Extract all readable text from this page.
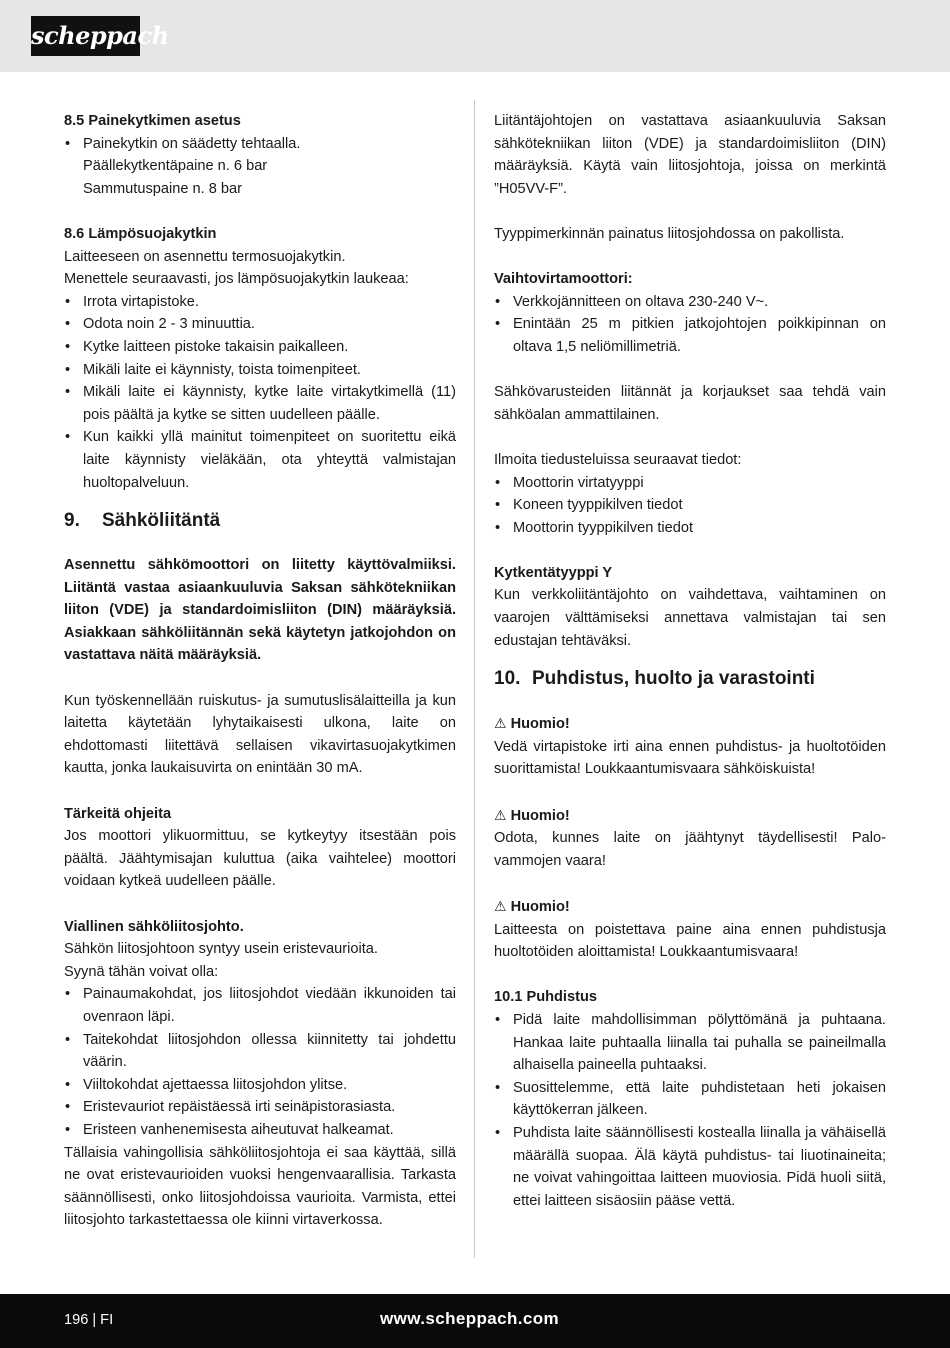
scheppach

8.5 Painekytkimen asetus

• Painekytkin on säädetty tehtaalla.
Päällekytkentäpaine n. 6 bar
Sammutuspaine n. 8 bar

8.6 Lämpösuojakytkin

Laitteeseen on asennettu termosuojakytkin.

Menettele seuraavasti, jos lämpösuojakytkin laukeaa:

• Irrota virtapistoke.
• Odota noin 2 - 3 minuuttia.
• Kytke laitteen pistoke takaisin paikalleen.
• Mikäli laite ei käynnisty, toista toimenpiteet.
• Mikäli laite ei käynnisty, kytke laite virtakytkimellä (11) pois päältä ja kytke se sitten uudelleen päälle.
• Kun kaikki yllä mainitut toimenpiteet on suoritettu eikä laite käynnisty vieläkään, ota yhteyttä valmistajan huoltopalveluun.
9. Sähköliitäntä

Asennettu sähkömoottori on liitetty käyttövalmiiksi. Liitäntä vastaa asiaankuuluvia Saksan sähkötekniikan liiton (VDE) ja standardoimisliiton (DIN) määräyksiä. Asiakkaan sähköliitännän sekä käytetyn jatkojohdon on vastattava näitä määräyksiä.

Kun työskennellään ruiskutus- ja sumutuslisälaitteilla ja kun laitetta käytetään lyhytaikaisesti ulkona, laite on ehdottomasti liitettävä sellaisen vikavirtasuojakytkimen kautta, jonka laukaisuvirta on enintään 30 mA.

Tärkeitä ohjeita

Jos moottori ylikuormittuu, se kytkeytyy itsestään pois päältä. Jäähtymisajan kuluttua (aika vaihtelee) moottori voidaan kytkeä uudelleen päälle.

Viallinen sähköliitosjohto.

Sähkön liitosjohtoon syntyy usein eristevaurioita.

Syynä tähän voivat olla:

• Painaumakohdat, jos liitosjohdot viedään ikkunoiden tai ovenraon läpi.
• Taitekohdat liitosjohdon ollessa kiinnitetty tai johdettu väärin.
• Viiltokohdat ajettaessa liitosjohdon ylitse.
• Eristevauriot repäistäessä irti seinäpistorasiasta.
• Eristeen vanhenemisesta aiheutuvat halkeamat.

Tällaisia vahingollisia sähköliitosjohtoja ei saa käyttää, sillä ne ovat eristevaurioiden vuoksi hengenvaarallisia. Tarkasta säännöllisesti, onko liitosjohdoissa vaurioita. Varmista, ettei liitosjohto tarkastettaessa ole kiinni virtaverkossa.

Liitäntäjohtojen on vastattava asiaankuuluvia Saksan sähkötekniikan liiton (VDE) ja standardoimisliiton (DIN) määräyksiä. Käytä vain liitosjohtoja, joissa on merkintä ”H05VV-F”.

Tyyppimerkinnän painatus liitosjohdossa on pakollista.

Vaihtovirtamoottori:

• Verkkojännitteen on oltava 230-240 V~.
• Enintään 25 m pitkien jatkojohtojen poikkipinnan on oltava 1,5 neliömillimetriä.

Sähkövarusteiden liitännät ja korjaukset saa tehdä vain sähköalan ammattilainen.

Ilmoita tiedusteluissa seuraavat tiedot:

• Moottorin virtatyyppi
• Koneen tyyppikilven tiedot
• Moottorin tyyppikilven tiedot

Kytkentätyyppi Y

Kun verkkoliitäntäjohto on vaihdettava, vaihtaminen on vaarojen välttämiseksi annettava valmistajan tai sen edustajan tehtäväksi.

10. Puhdistus, huolto ja varastointi

⚠ Huomio!

Vedä virtapistoke irti aina ennen puhdistus- ja huoltotöiden suorittamista! Loukkaantumisvaara sähköiskuista!

⚠ Huomio!

Odota, kunnes laite on jäähtynyt täydellisesti! Palovammojen vaara!

⚠ Huomio!

Laitteesta on poistettava paine aina ennen puhdistusja huoltotöiden aloittamista! Loukkaantumisvaara!

10.1 Puhdistus

• Pidä laite mahdollisimman pölyttömänä ja puhtaana. Hankaa laite puhtaalla liinalla tai puhalla se paineilmalla alhaisella paineella puhtaaksi.
• Suosittelemme, että laite puhdistetaan heti jokaisen käyttökerran jälkeen.
• Puhdista laite säännöllisesti kostealla liinalla ja vähäisellä määrällä suopaa. Älä käytä puhdistus- tai liuotinaineita; ne voivat vahingoittaa laitteen muoviosia. Pidä huoli siitä, ettei laitteen sisäosiin pääse vettä.
196 | FI	www.scheppach.com
